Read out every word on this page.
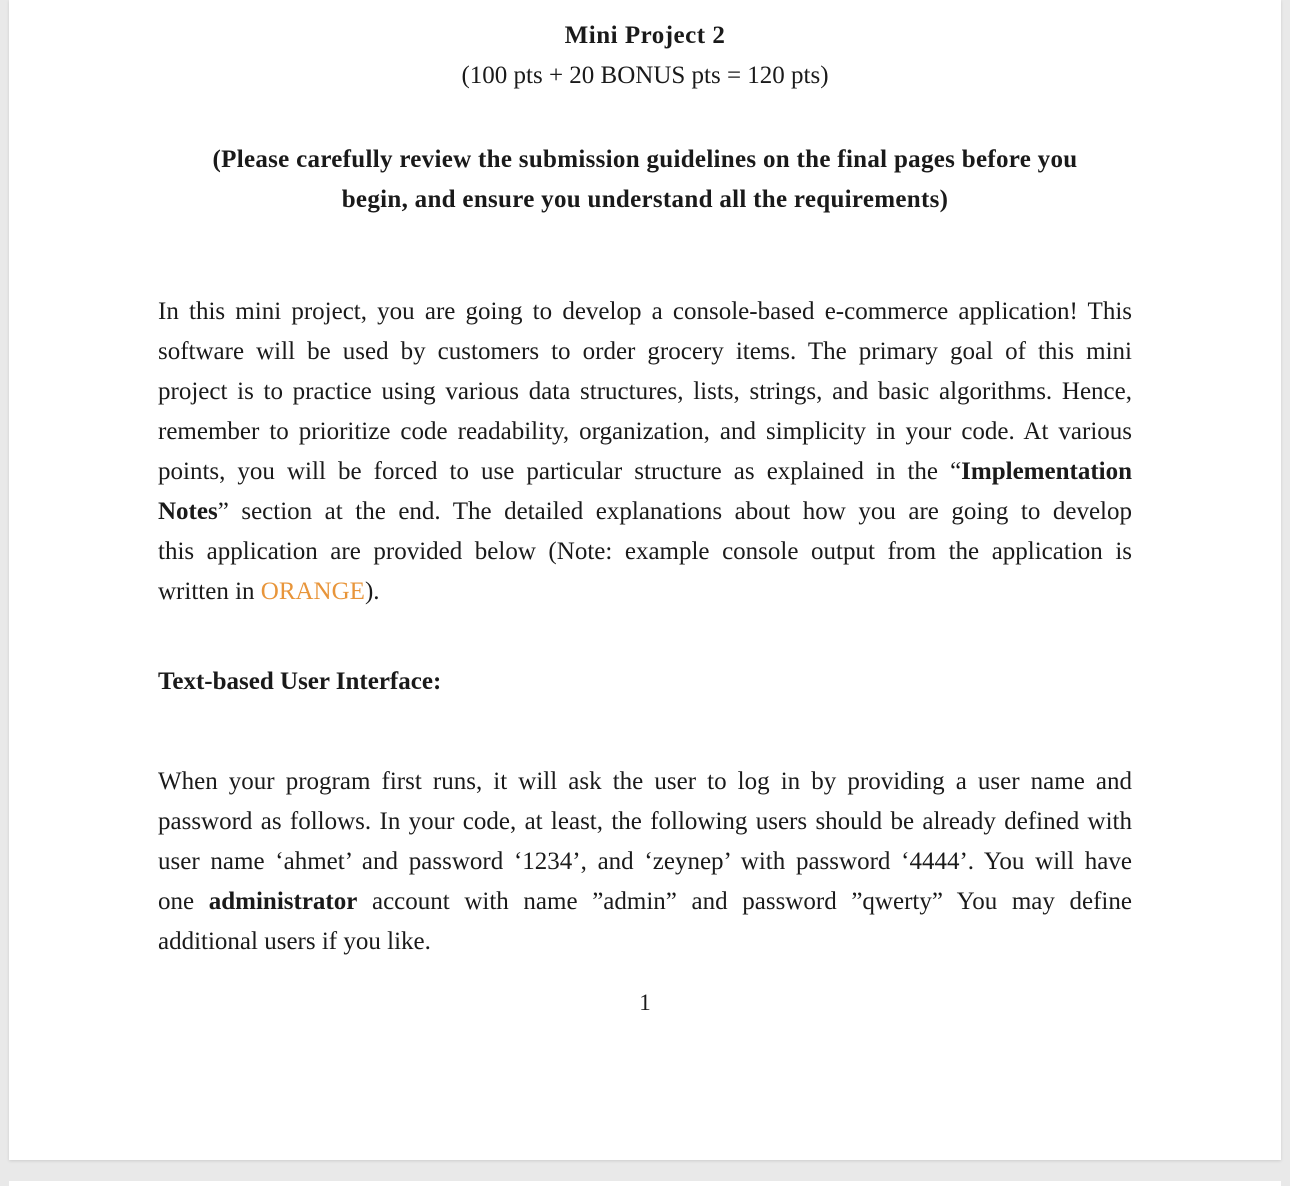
Mini Project 2

(100 pts + 20 BONUS pts = 120 pts)

(Please carefully review the submission guidelines on the final pages before you
begin, and ensure you understand all the requirements)
In this mini project, you are going to develop a console-based e-commerce application! This
software will be used by customers to order grocery items. The primary goal of this mini
project is to practice using various data structures, lists, strings, and basic algorithms. Hence,
remember to prioritize code readability, organization, and simplicity in your code. At various
points, you will be forced to use particular structure as explained in the “Implementation
Notes” section at the end. The detailed explanations about how you are going to develop
this application are provided below (Note: example console output from the application is
written in ORANGE).
Text-based User Interface:
When your program first runs, it will ask the user to log in by providing a user name and
password as follows. In your code, at least, the following users should be already defined with
user name ‘ahmet’ and password ‘1234’, and ‘zeynep’ with password ‘4444’. You will have
one administrator account with name ”admin” and password ”qwerty” You may define
additional users if you like.

1
